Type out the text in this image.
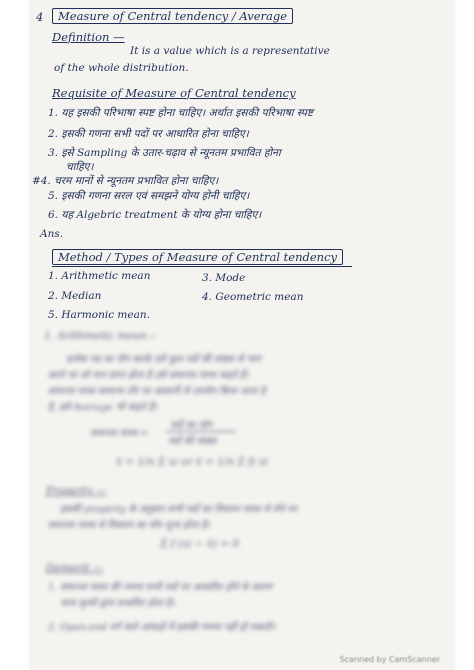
4	Measure of Central tendency / Average
Definition —
It is a value which is a representative
of the whole distribution.
Requisite of Measure of Central tendency
1. यह इसकी परिभाषा स्पष्ट होना चाहिए। अर्थात इसकी परिभाषा स्पष्ट
2. इसकी गणना सभी पदों पर आधारित होना चाहिए।
3. इसे Sampling के उतार-चढ़ाव से न्यूनतम प्रभावित होना
चाहिए।
#4. चरम मानों से न्यूनतम प्रभावित होना चाहिए।
5. इसकी गणना सरल एवं समझने योग्य होनी चाहिए।
6. यह Algebric treatment के योग्य होना चाहिए।
Ans.
Method / Types of Measure of Central tendency
1. Arithmetic mean	3. Mode
2. Median	4. Geometric mean
5. Harmonic mean.
1. Arithmetic mean :-
प्रत्येक पद का योग करके उसे कुल पदों की संख्या से भाग
करने पर जो मान प्राप्त होता है उसे समान्तर माध्य कहते हैं।
समान्तर माध्य सामान्य तौर पर आसानी से उपयोग किया जाता है
है, इसे Average भी कहते हैं।
समान्तर माध्य =
पदों का योग
पदों की संख्या
x̄ = 1/n Σ xi or x̄ = 1/n Σ fi xi
Property —
इसकी property के अनुसार सभी पदों का विचलन माध्य से लेने पर
समान्तर माध्य से विचलन का योग शून्य होता है।
Σ f (xi − x̄) = 0
Demerit —
1. समान्तर माध्य की गणना सभी पदों पर आधारित होने के कारण
चरम मूल्यों द्वारा प्रभावित होता है।
2. Open-end वर्ग वाले आंकड़ों में इसकी गणना नहीं हो सकती।
Scanned by CamScanner
